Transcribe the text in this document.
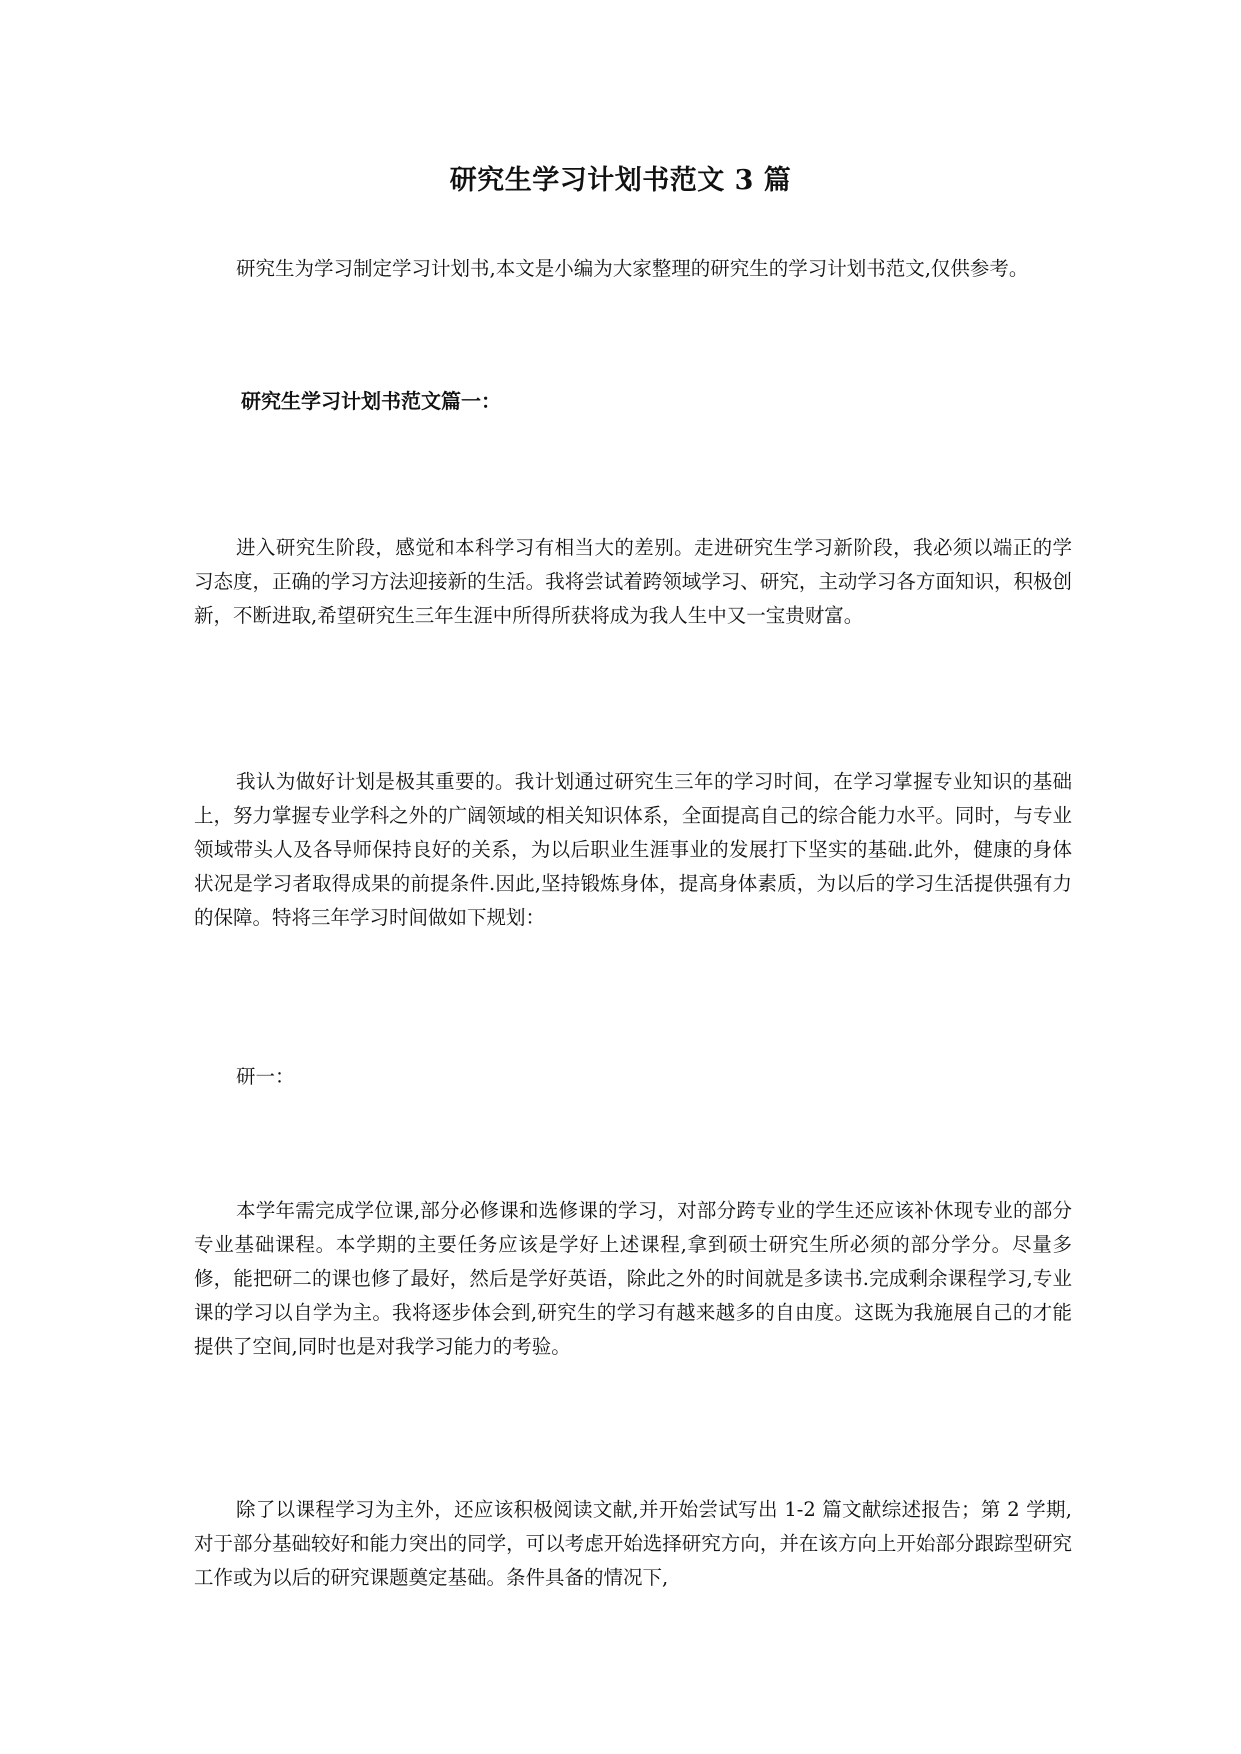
研究生学习计划书范文 3 篇

研究生为学习制定学习计划书,本文是小编为大家整理的研究生的学习计划书范文,仅供参考。

研究生学习计划书范文篇一：

进入研究生阶段，感觉和本科学习有相当大的差别。走进研究生学习新阶段，我必须以端正的学习态度，正确的学习方法迎接新的生活。我将尝试着跨领域学习、研究，主动学习各方面知识，积极创新，不断进取,希望研究生三年生涯中所得所获将成为我人生中又一宝贵财富。

我认为做好计划是极其重要的。我计划通过研究生三年的学习时间，在学习掌握专业知识的基础上，努力掌握专业学科之外的广阔领域的相关知识体系，全面提高自己的综合能力水平。同时，与专业领域带头人及各导师保持良好的关系，为以后职业生涯事业的发展打下坚实的基础.此外，健康的身体状况是学习者取得成果的前提条件.因此,坚持锻炼身体，提高身体素质，为以后的学习生活提供强有力的保障。特将三年学习时间做如下规划：

研一：

本学年需完成学位课,部分必修课和选修课的学习，对部分跨专业的学生还应该补休现专业的部分专业基础课程。本学期的主要任务应该是学好上述课程,拿到硕士研究生所必须的部分学分。尽量多修，能把研二的课也修了最好，然后是学好英语，除此之外的时间就是多读书.完成剩余课程学习,专业课的学习以自学为主。我将逐步体会到,研究生的学习有越来越多的自由度。这既为我施展自己的才能提供了空间,同时也是对我学习能力的考验。

除了以课程学习为主外，还应该积极阅读文献,并开始尝试写出 1-2 篇文献综述报告；第 2 学期,对于部分基础较好和能力突出的同学，可以考虑开始选择研究方向，并在该方向上开始部分跟踪型研究工作或为以后的研究课题奠定基础。条件具备的情况下,
